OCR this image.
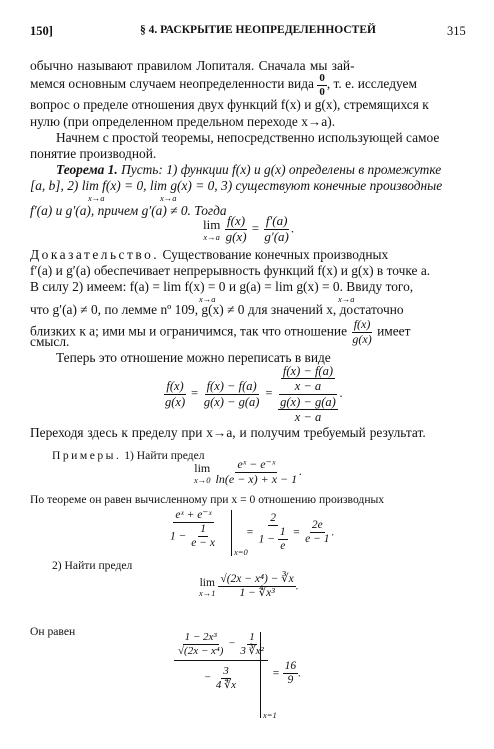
150]	§ 4. РАСКРЫТИЕ НЕОПРЕДЕЛЕННОСТЕЙ	315
обычно называют правилом Лопиталя. Сначала мы зай-
мемся основным случаем неопределенности вида $\frac{0}{0}$ , т. е. исследуем
вопрос о пределе отношения двух функций f(x) и g(x), стремящихся к
нулю (при определенном предельном переходе x→a).
Начнем с простой теоремы, непосредственно использующей самое
понятие производной.
Теорема 1. Пусть: 1) функции f(x) и g(x) определены в промежутке
[a, b], 2) lim f(x) = 0, lim g(x) = 0, 3) существуют конечные производные
x→a	x→a
f′(a) и g′(a), причем g′(a) ≠ 0. Тогда
lim
x→a
$\frac{f(x)}{g(x)} = \frac{f'(a)}{g'(a)}$ .
Доказательство. Существование конечных производных
f′(a) и g′(a) обеспечивает непрерывность функций f(x) и g(x) в точке a.
В силу 2) имеем: f(a) = lim f(x) = 0 и g(a) = lim g(x) = 0. Ввиду того,
x→a	x→a
что g′(a) ≠ 0, по лемме nº 109, g(x) ≠ 0 для значений x, достаточно
близких к a; ими мы и ограничимся, так что отношение $\frac{f(x)}{g(x)}$ имеет
смысл.
Теперь это отношение можно переписать в виде
$\frac{f(x)}{g(x)} = \frac{f(x) - f(a)}{g(x) - g(a)} = \frac{\frac{f(x) - f(a)}{x - a}}{\frac{g(x) - g(a)}{x - a}}$ .
Переходя здесь к пределу при x→a, и получим требуемый результат.
Примеры. 1) Найти предел
lim
x→0
$\frac{\text{eˣ − e⁻ˣ}}{\ln(e - x) + x - 1}$ .
По теореме он равен вычисленному при x = 0 отношению производных
$\frac{\text{eˣ + e⁻ˣ}}{1 - \frac{1}{e - x}}$
x=0
= $\frac{2}{1 - \frac{1}{e}} = \frac{2e}{e - 1}$ .
2) Найти предел
lim
x→1
$\frac{\text{√(2x − x⁴) − ∛x}}{\text{1 − ∜x³}}$ .
Он равен	$\frac{\frac{\text{1 − 2x³}}{\text{√(2x − x⁴)}} - \frac{1}{\text{3 ∛x²}}}{- \frac{3}{4 ∜x}}$
x=1
= $\frac{16}{9}$ .
